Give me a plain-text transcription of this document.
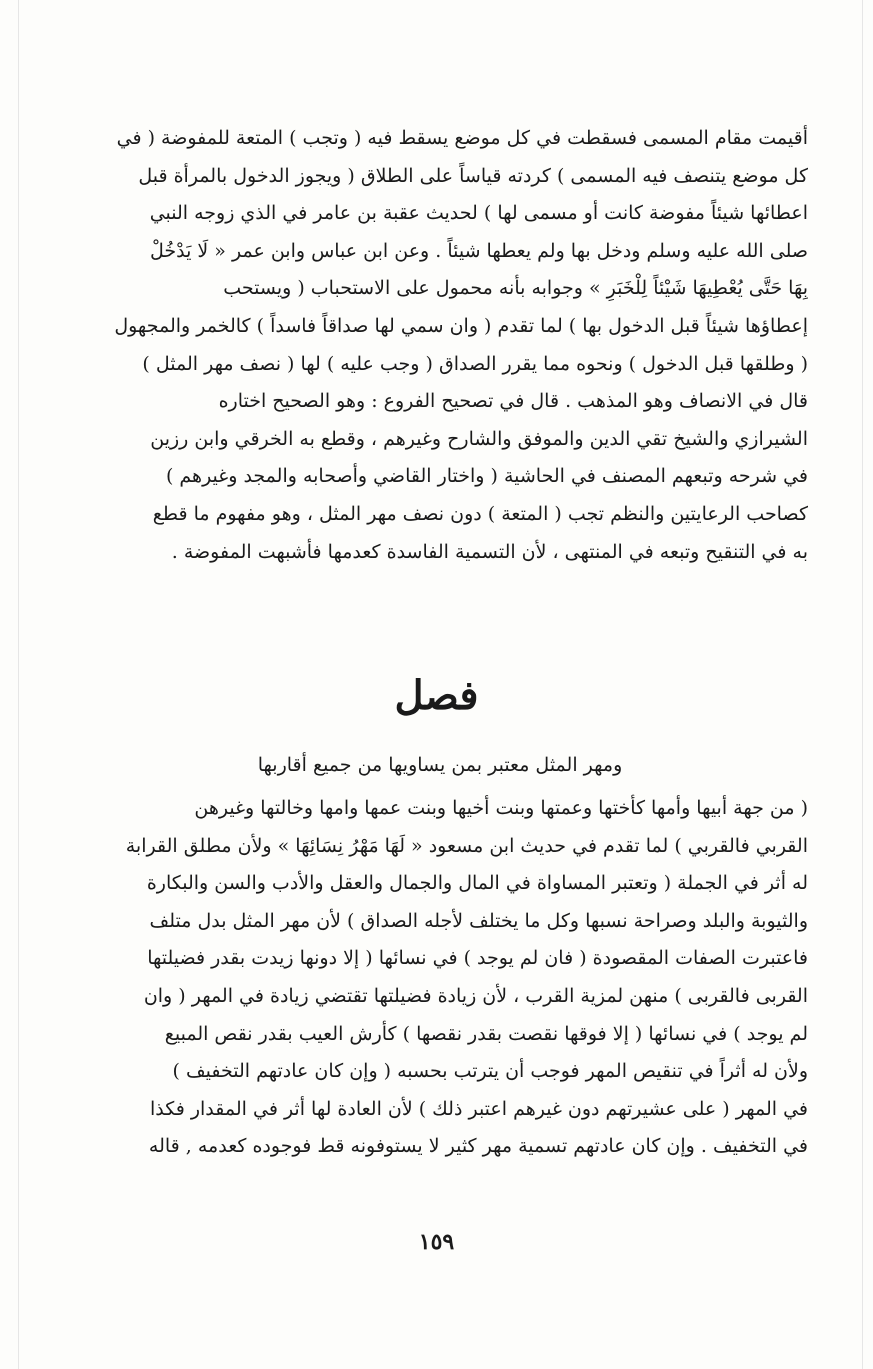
أقيمت مقام المسمى فسقطت في كل موضع يسقط فيه ( وتجب ) المتعة للمفوضة ( في
كل موضع يتنصف فيه المسمى ) كردته قياساً على الطلاق ( ويجوز الدخول بالمرأة قبل
اعطائها شيئاً مفوضة كانت أو مسمى لها ) لحديث عقبة بن عامر في الذي زوجه النبي
صلى الله عليه وسلم ودخل بها ولم يعطها شيئاً . وعن ابن عباس وابن عمر « لَا يَدْخُلْ
بِهَا حَتَّى يُعْطِيهَا شَيْئاً لِلْخَبَرِ » وجوابه بأنه محمول على الاستحباب ( ويستحب
إعطاؤها شيئاً قبل الدخول بها ) لما تقدم ( وان سمي لها صداقاً فاسداً ) كالخمر والمجهول
( وطلقها قبل الدخول ) ونحوه مما يقرر الصداق ( وجب عليه ) لها ( نصف مهر المثل )
قال في الانصاف وهو المذهب . قال في تصحيح الفروع : وهو الصحيح اختاره
الشيرازي والشيخ تقي الدين والموفق والشارح وغيرهم ، وقطع به الخرقي وابن رزين
في شرحه وتبعهم المصنف في الحاشية ( واختار القاضي وأصحابه والمجد وغيرهم )
كصاحب الرعايتين والنظم تجب ( المتعة ) دون نصف مهر المثل ، وهو مفهوم ما قطع
به في التنقيح وتبعه في المنتهى ، لأن التسمية الفاسدة كعدمها فأشبهت المفوضة .
فصل
ومهر المثل معتبر بمن يساويها من جميع أقاربها
( من جهة أبيها وأمها كأختها وعمتها وبنت أخيها وبنت عمها وامها وخالتها وغيرهن
القربي فالقربي ) لما تقدم في حديث ابن مسعود « لَهَا مَهْرُ نِسَائِهَا » ولأن مطلق القرابة
له أثر في الجملة ( وتعتبر المساواة في المال والجمال والعقل والأدب والسن والبكارة
والثيوبة والبلد وصراحة نسبها وكل ما يختلف لأجله الصداق ) لأن مهر المثل بدل متلف
فاعتبرت الصفات المقصودة ( فان لم يوجد ) في نسائها ( إلا دونها زيدت بقدر فضيلتها
القربى فالقربى ) منهن لمزية القرب ، لأن زيادة فضيلتها تقتضي زيادة في المهر ( وان
لم يوجد ) في نسائها ( إلا فوقها نقصت بقدر نقصها ) كأرش العيب بقدر نقص المبيع
ولأن له أثراً في تنقيص المهر فوجب أن يترتب بحسبه ( وإن كان عادتهم التخفيف )
في المهر ( على عشيرتهم دون غيرهم اعتبر ذلك ) لأن العادة لها أثر في المقدار فكذا
في التخفيف . وإن كان عادتهم تسمية مهر كثير لا يستوفونه قط فوجوده كعدمه , قاله
١٥٩
